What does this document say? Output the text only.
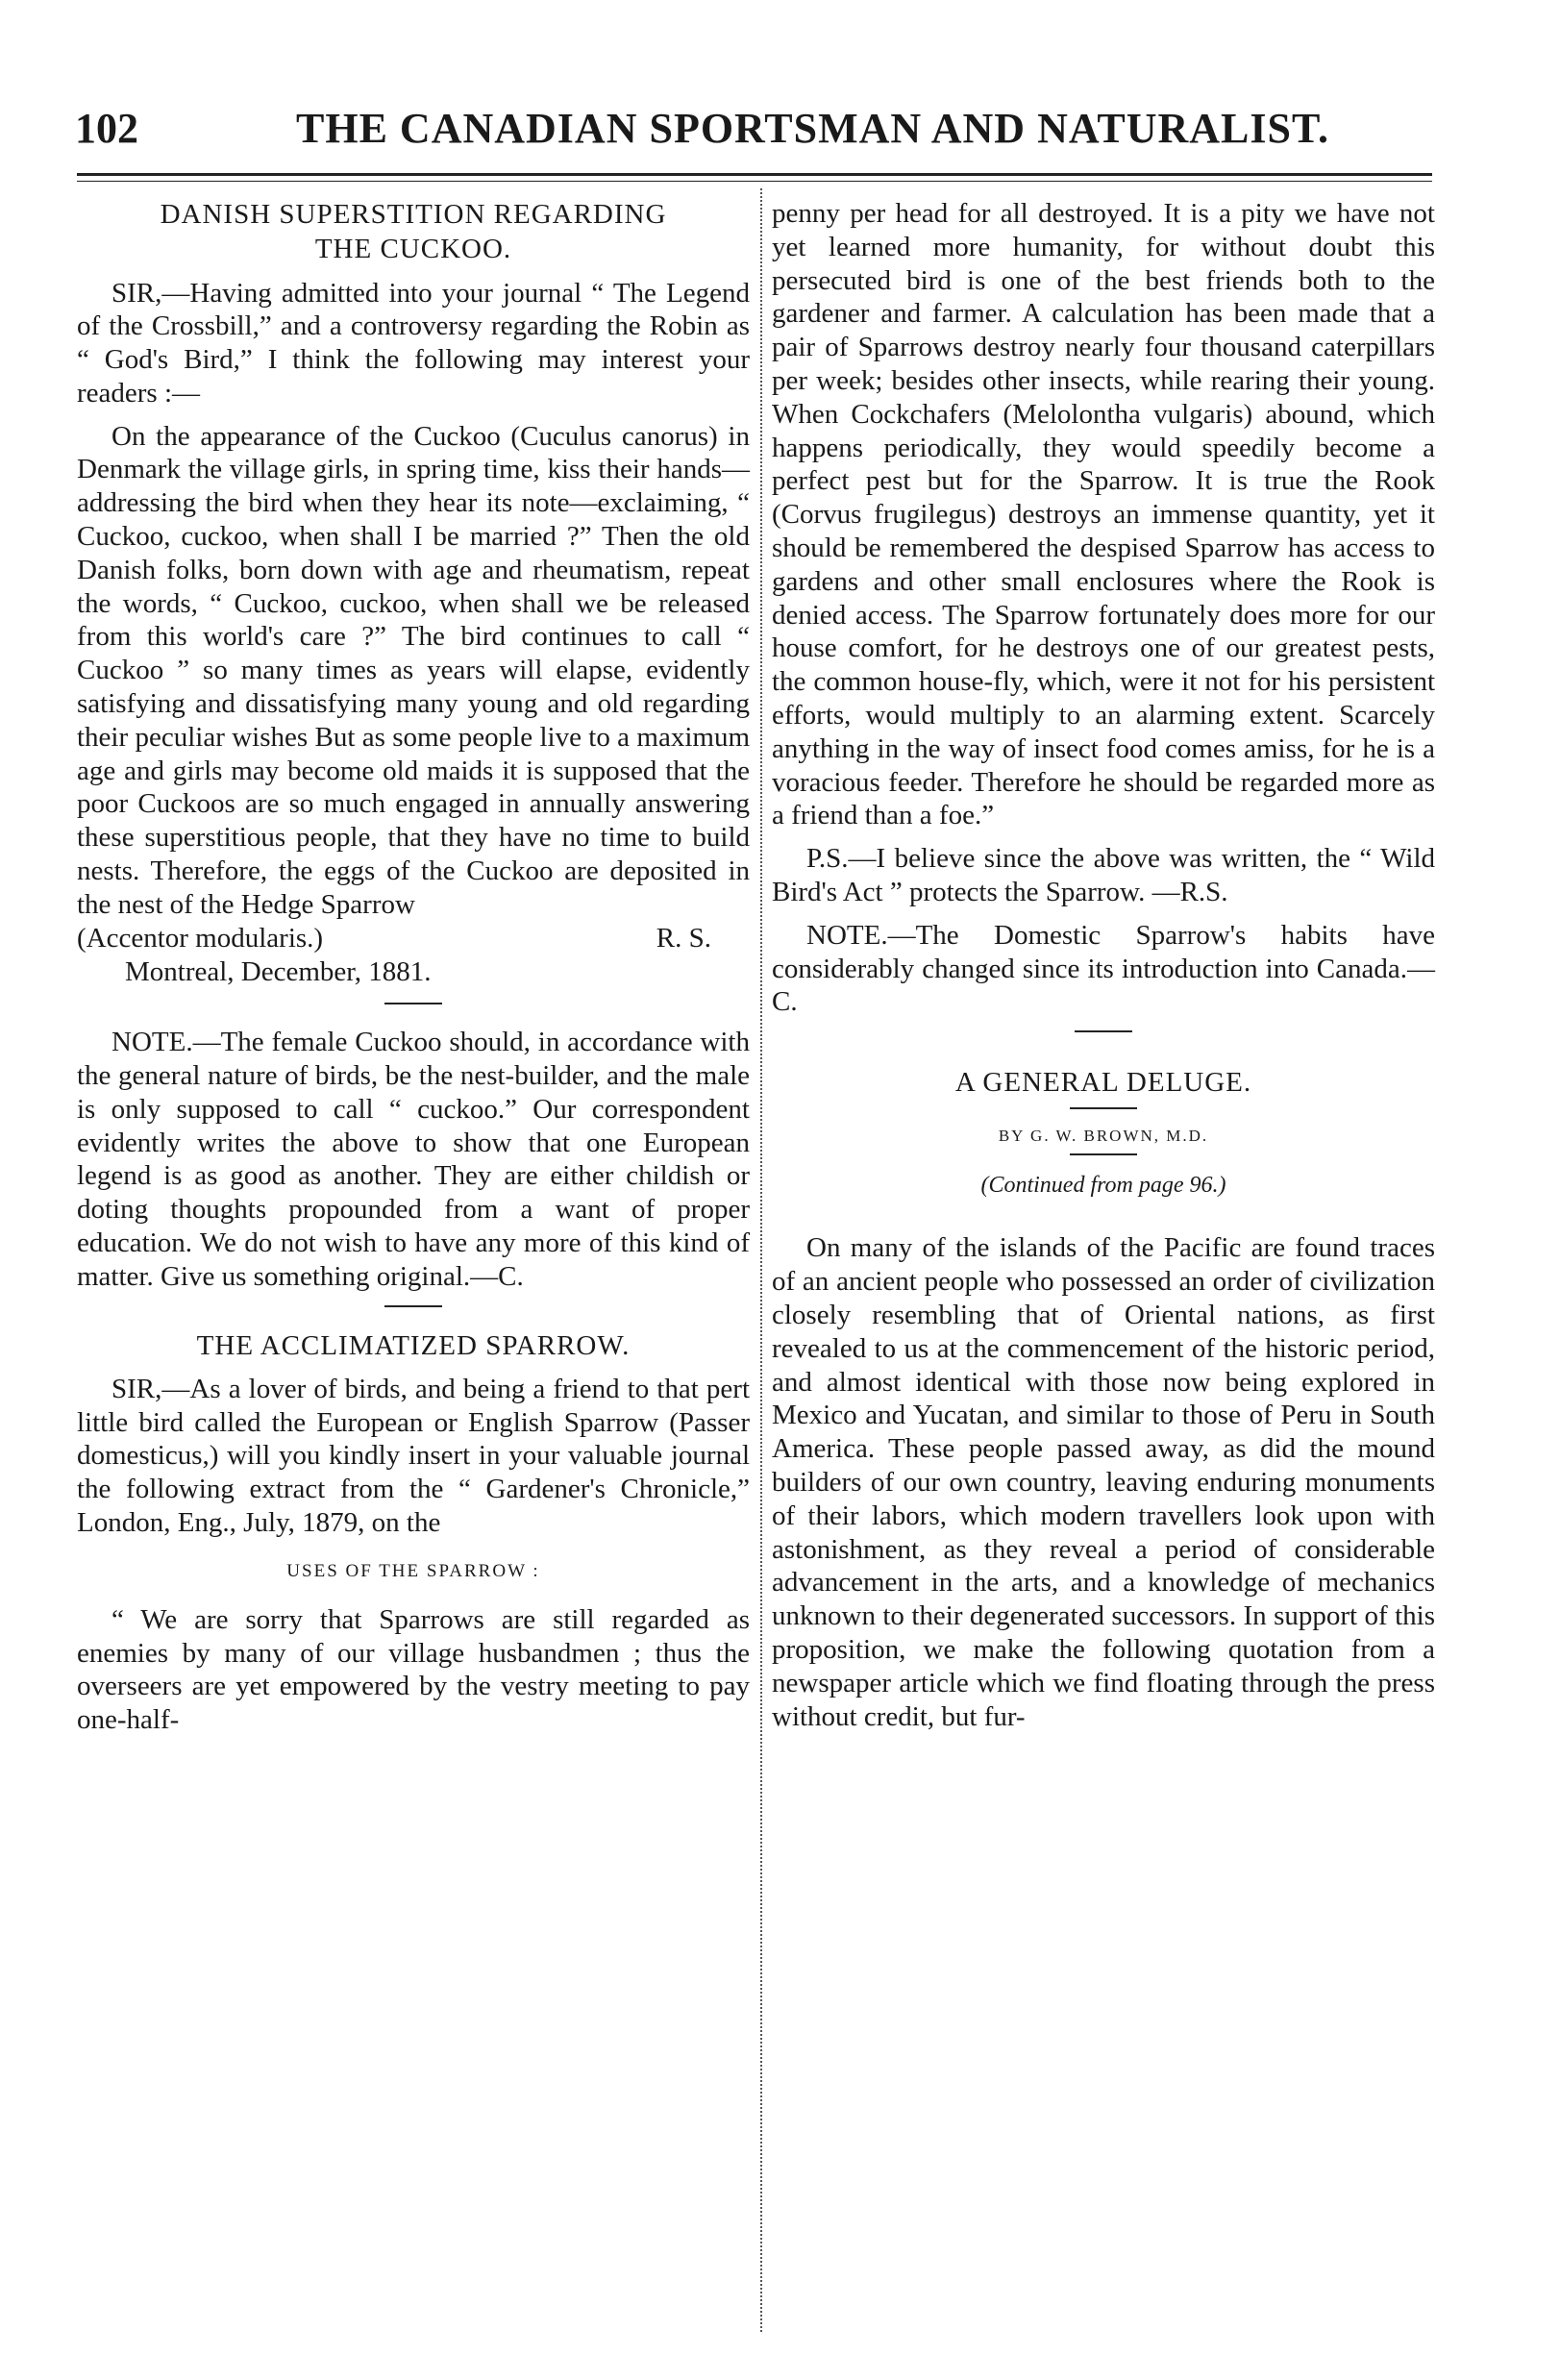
102	THE CANADIAN SPORTSMAN AND NATURALIST.
DANISH SUPERSTITION REGARDING
THE CUCKOO.

SIR,—Having admitted into your journal “ The Legend of the Crossbill,” and a controversy regarding the Robin as “ God's Bird,” I think the following may interest your readers :—

On the appearance of the Cuckoo (Cuculus canorus) in Denmark the village girls, in spring time, kiss their hands—addressing the bird when they hear its note—exclaiming, “ Cuckoo, cuckoo, when shall I be married ?” Then the old Danish folks, born down with age and rheumatism, repeat the words, “ Cuckoo, cuckoo, when shall we be released from this world's care ?” The bird continues to call “ Cuckoo ” so many times as years will elapse, evidently satisfying and dissatisfying many young and old regarding their peculiar wishes But as some people live to a maximum age and girls may become old maids it is supposed that the poor Cuckoos are so much engaged in annually answering these superstitious people, that they have no time to build nests. Therefore, the eggs of the Cuckoo are deposited in the nest of the Hedge Sparrow

(Accentor modularis.)	R. S.
Montreal, December, 1881.

NOTE.—The female Cuckoo should, in accordance with the general nature of birds, be the nest-builder, and the male is only supposed to call “ cuckoo.” Our correspondent evidently writes the above to show that one European legend is as good as another. They are either childish or doting thoughts propounded from a want of proper education. We do not wish to have any more of this kind of matter. Give us something original.—C.

THE ACCLIMATIZED SPARROW.

SIR,—As a lover of birds, and being a friend to that pert little bird called the European or English Sparrow (Passer domesticus,) will you kindly insert in your valuable journal the following extract from the “ Gardener's Chronicle,” London, Eng., July, 1879, on the

USES OF THE SPARROW :

“ We are sorry that Sparrows are still regarded as enemies by many of our village husbandmen ; thus the overseers are yet empowered by the vestry meeting to pay one-half-

penny per head for all destroyed. It is a pity we have not yet learned more humanity, for without doubt this persecuted bird is one of the best friends both to the gardener and farmer. A calculation has been made that a pair of Sparrows destroy nearly four thousand caterpillars per week; besides other insects, while rearing their young. When Cockchafers (Melolontha vulgaris) abound, which happens periodically, they would speedily become a perfect pest but for the Sparrow. It is true the Rook (Corvus frugilegus) destroys an immense quantity, yet it should be remembered the despised Sparrow has access to gardens and other small enclosures where the Rook is denied access. The Sparrow fortunately does more for our house comfort, for he destroys one of our greatest pests, the common house-fly, which, were it not for his persistent efforts, would multiply to an alarming extent. Scarcely anything in the way of insect food comes amiss, for he is a voracious feeder. Therefore he should be regarded more as a friend than a foe.”

P.S.—I believe since the above was written, the “ Wild Bird's Act ” protects the Sparrow. —R.S.

NOTE.—The Domestic Sparrow's habits have considerably changed since its introduction into Canada.—C.

A GENERAL DELUGE.
BY G. W. BROWN, M.D.
(Continued from page 96.)

On many of the islands of the Pacific are found traces of an ancient people who possessed an order of civilization closely resembling that of Oriental nations, as first revealed to us at the commencement of the historic period, and almost identical with those now being explored in Mexico and Yucatan, and similar to those of Peru in South America. These people passed away, as did the mound builders of our own country, leaving enduring monuments of their labors, which modern travellers look upon with astonishment, as they reveal a period of considerable advancement in the arts, and a knowledge of mechanics unknown to their degenerated successors. In support of this proposition, we make the following quotation from a newspaper article which we find floating through the press without credit, but fur-
